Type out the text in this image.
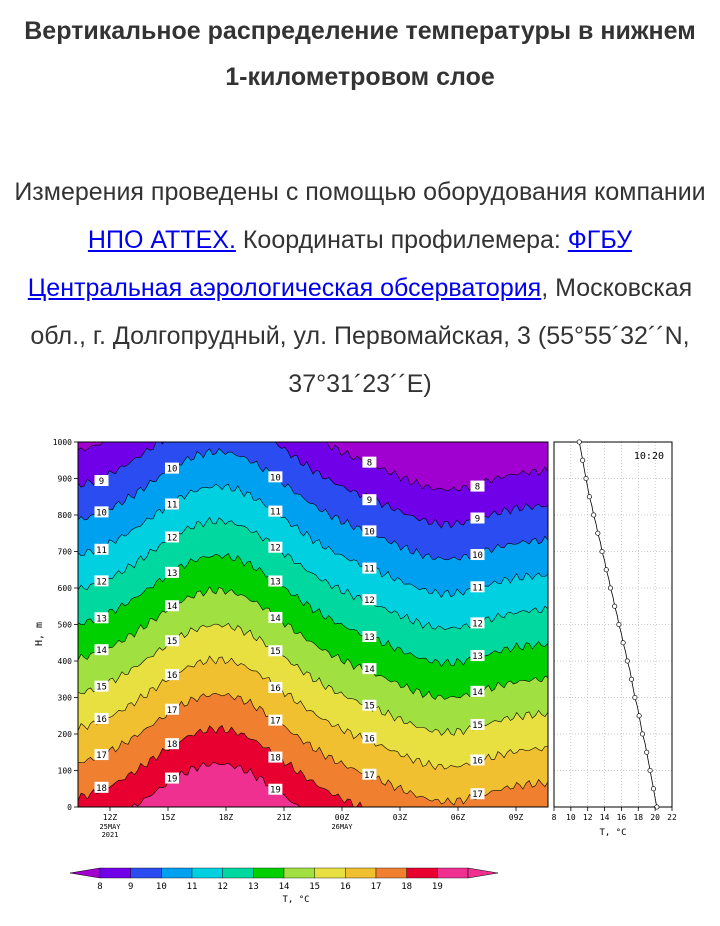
Вертикальное распределение температуры в нижнем 1-километровом слое

Измерения проведены с помощью оборудования компании НПО АТТЕХ. Координаты профилемера: ФГБУ Центральная аэрологическая обсерватория, Московская обл., г. Долгопрудный, ул. Первомайская, 3 (55°55´32´´N, 37°31´23´´E)

8
8
9
9
9
10
10
10
10
10
11
11
11
11
11
12
12
12
12
12
13
13
13
13
13
14
14
14
14
14
15
15
15
15
15
16
16
16
16
16
17
17
17
17
17
18
18
18
19
19
0
100
200
300
400
500
600
700
800
900
1000
12Z
25MAY
2021
15Z	18Z	21Z	00Z
26MAY
03Z	06Z	09Z
H, m
10:20
8 10 12 14 16 18 20 22
T, °C
8	9	10 11 12 13 14 15 16 17 18 19
T, °C
